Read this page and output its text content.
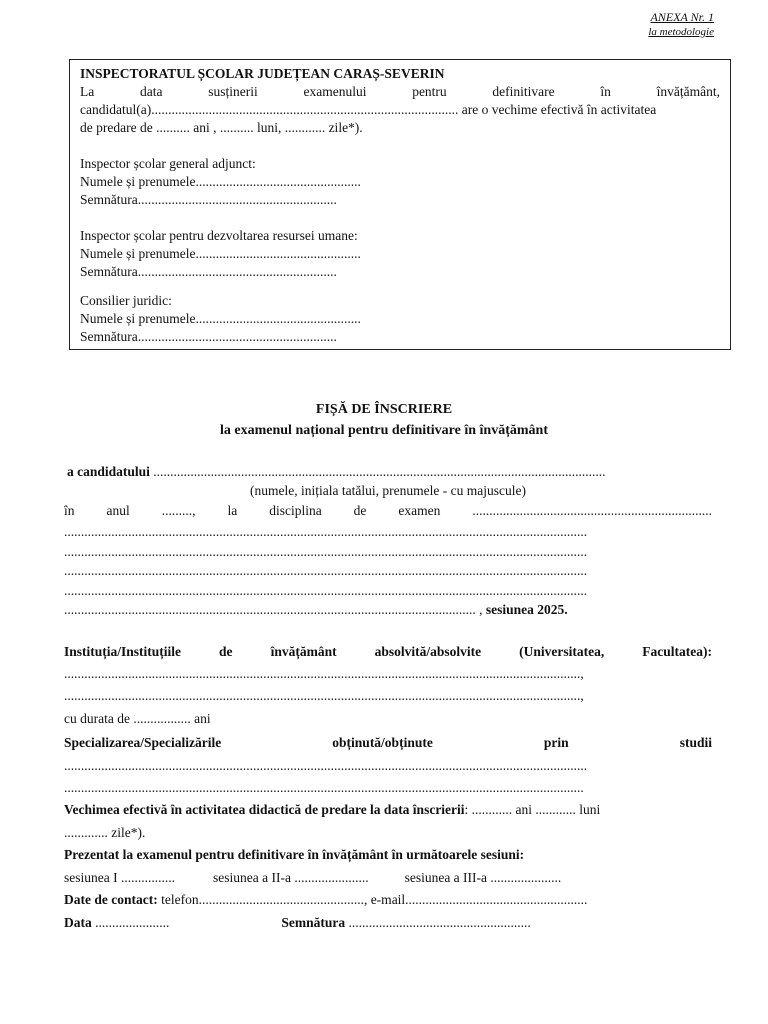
ANEXA Nr. 1
la metodologie
INSPECTORATUL ȘCOLAR JUDEȚEAN CARAȘ-SEVERIN
La data susținerii examenului pentru definitivare în învățământ,
candidatul(a)........................................................................................... are o vechime efectivă în activitatea
de predare de .......... ani , .......... luni, ............ zile*).
Inspector școlar general adjunct:
Numele și prenumele.................................................
Semnătura...........................................................
Inspector școlar pentru dezvoltarea resursei umane:
Numele și prenumele.................................................
Semnătura...........................................................
Consilier juridic:
Numele și prenumele.................................................
Semnătura...........................................................
FIȘĂ DE ÎNSCRIERE
la examenul național pentru definitivare în învățământ
a candidatului ......................................................................................................................................
(numele, inițiala tatălui, prenumele - cu majuscule)
în anul ........., la disciplina de examen .......................................................................
...........................................................................................................................................................
...........................................................................................................................................................
...........................................................................................................................................................
...........................................................................................................................................................
.......................................................................................................................... , sesiunea 2025.
Instituția/Instituțiile de învățământ absolvită/absolvite (Universitatea, Facultatea):
.........................................................................................................................................................,
.........................................................................................................................................................,
cu durata de ................. ani
Specializarea/Specializările obținută/obținute prin studii
...........................................................................................................................................................
..........................................................................................................................................................
Vechimea efectivă în activitatea didactică de predare la data înscrierii: ............ ani ............ luni
............. zile*).
Prezentat la examenul pentru definitivare în învățământ în următoarele sesiuni:
sesiunea I ................	sesiunea a II-a ......................	sesiunea a III-a .....................
Date de contact: telefon................................................., e-mail......................................................
Data ......................	Semnătura ......................................................
